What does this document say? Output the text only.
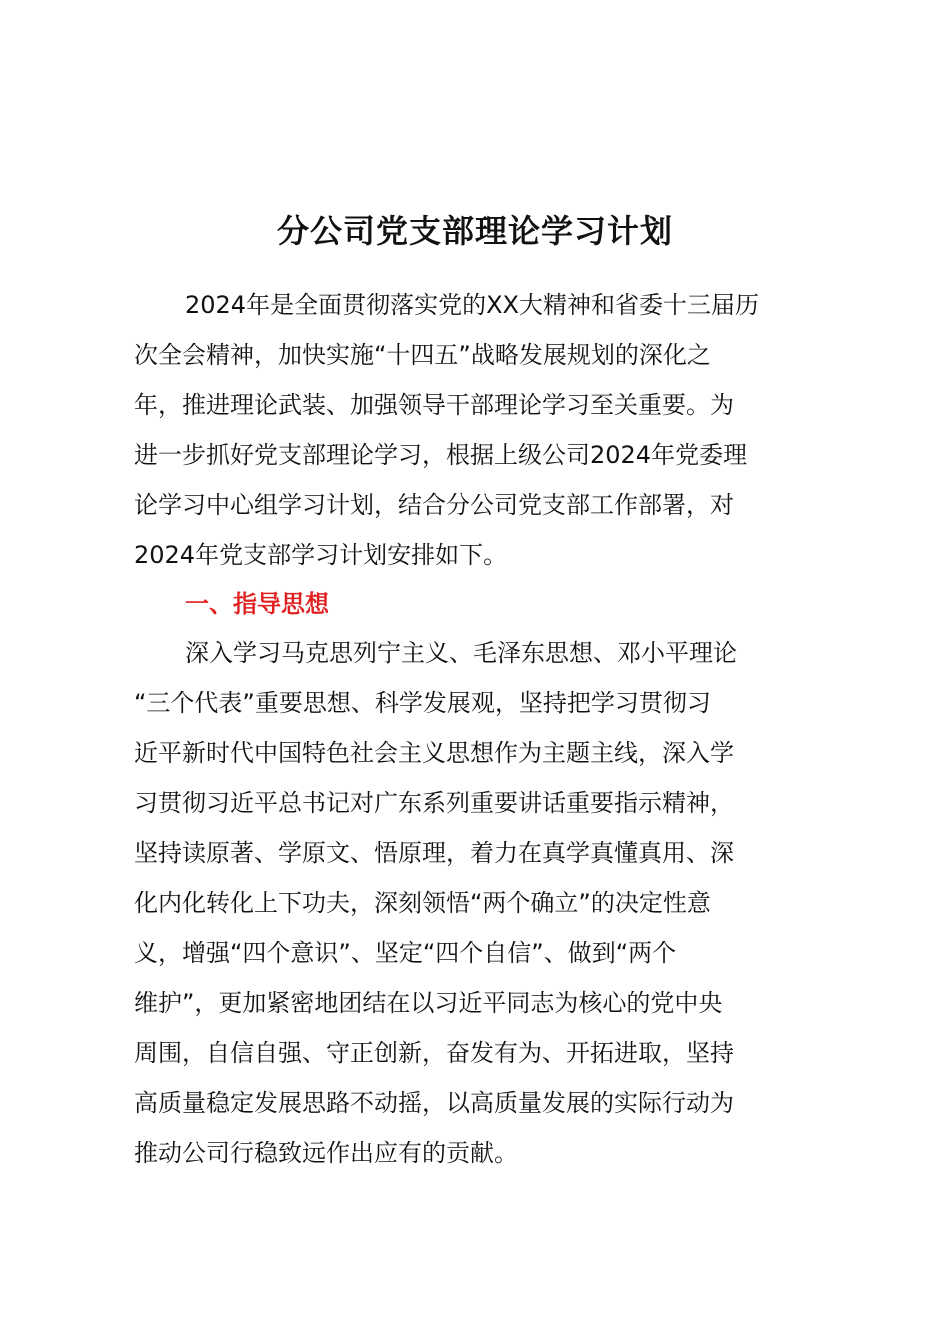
分公司党支部理论学习计划
2024年是全面贯彻落实党的XX大精神和省委十三届历
次全会精神，加快实施“十四五”战略发展规划的深化之
年，推进理论武装、加强领导干部理论学习至关重要。为
进一步抓好党支部理论学习，根据上级公司2024年党委理
论学习中心组学习计划，结合分公司党支部工作部署，对
2024年党支部学习计划安排如下。
一、指导思想
深入学习马克思列宁主义、毛泽东思想、邓小平理论
“三个代表”重要思想、科学发展观，坚持把学习贯彻习
近平新时代中国特色社会主义思想作为主题主线，深入学
习贯彻习近平总书记对广东系列重要讲话重要指示精神，
坚持读原著、学原文、悟原理，着力在真学真懂真用、深
化内化转化上下功夫，深刻领悟“两个确立”的决定性意
义，增强“四个意识”、坚定“四个自信”、做到“两个
维护”，更加紧密地团结在以习近平同志为核心的党中央
周围，自信自强、守正创新，奋发有为、开拓进取，坚持
高质量稳定发展思路不动摇，以高质量发展的实际行动为
推动公司行稳致远作出应有的贡献。
